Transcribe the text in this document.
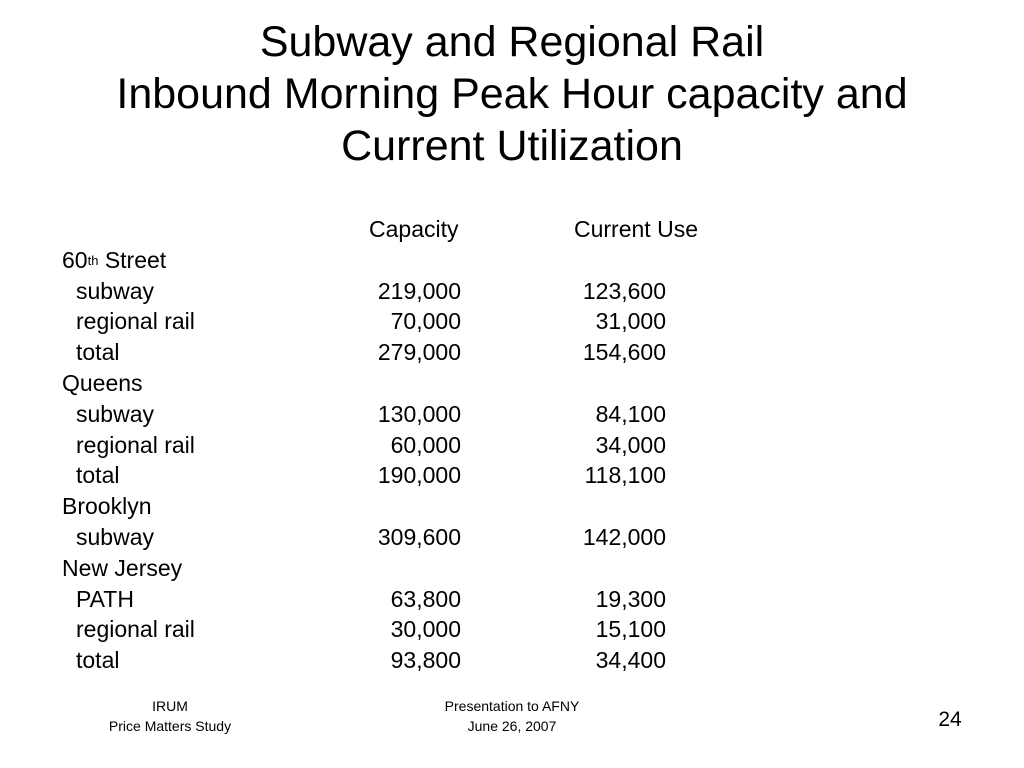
Subway and Regional Rail
Inbound Morning Peak Hour capacity and
Current Utilization
Capacity	Current Use
60th Street
subway	219,000	123,600
regional rail	70,000	31,000
total	279,000	154,600
Queens
subway	130,000	84,100
regional rail	60,000	34,000
total	190,000	118,100
Brooklyn
subway	309,600	142,000
New Jersey
PATH	63,800	19,300
regional rail	30,000	15,100
total	93,800	34,400
IRUM
Price Matters Study
Presentation to AFNY
June 26, 2007	24
